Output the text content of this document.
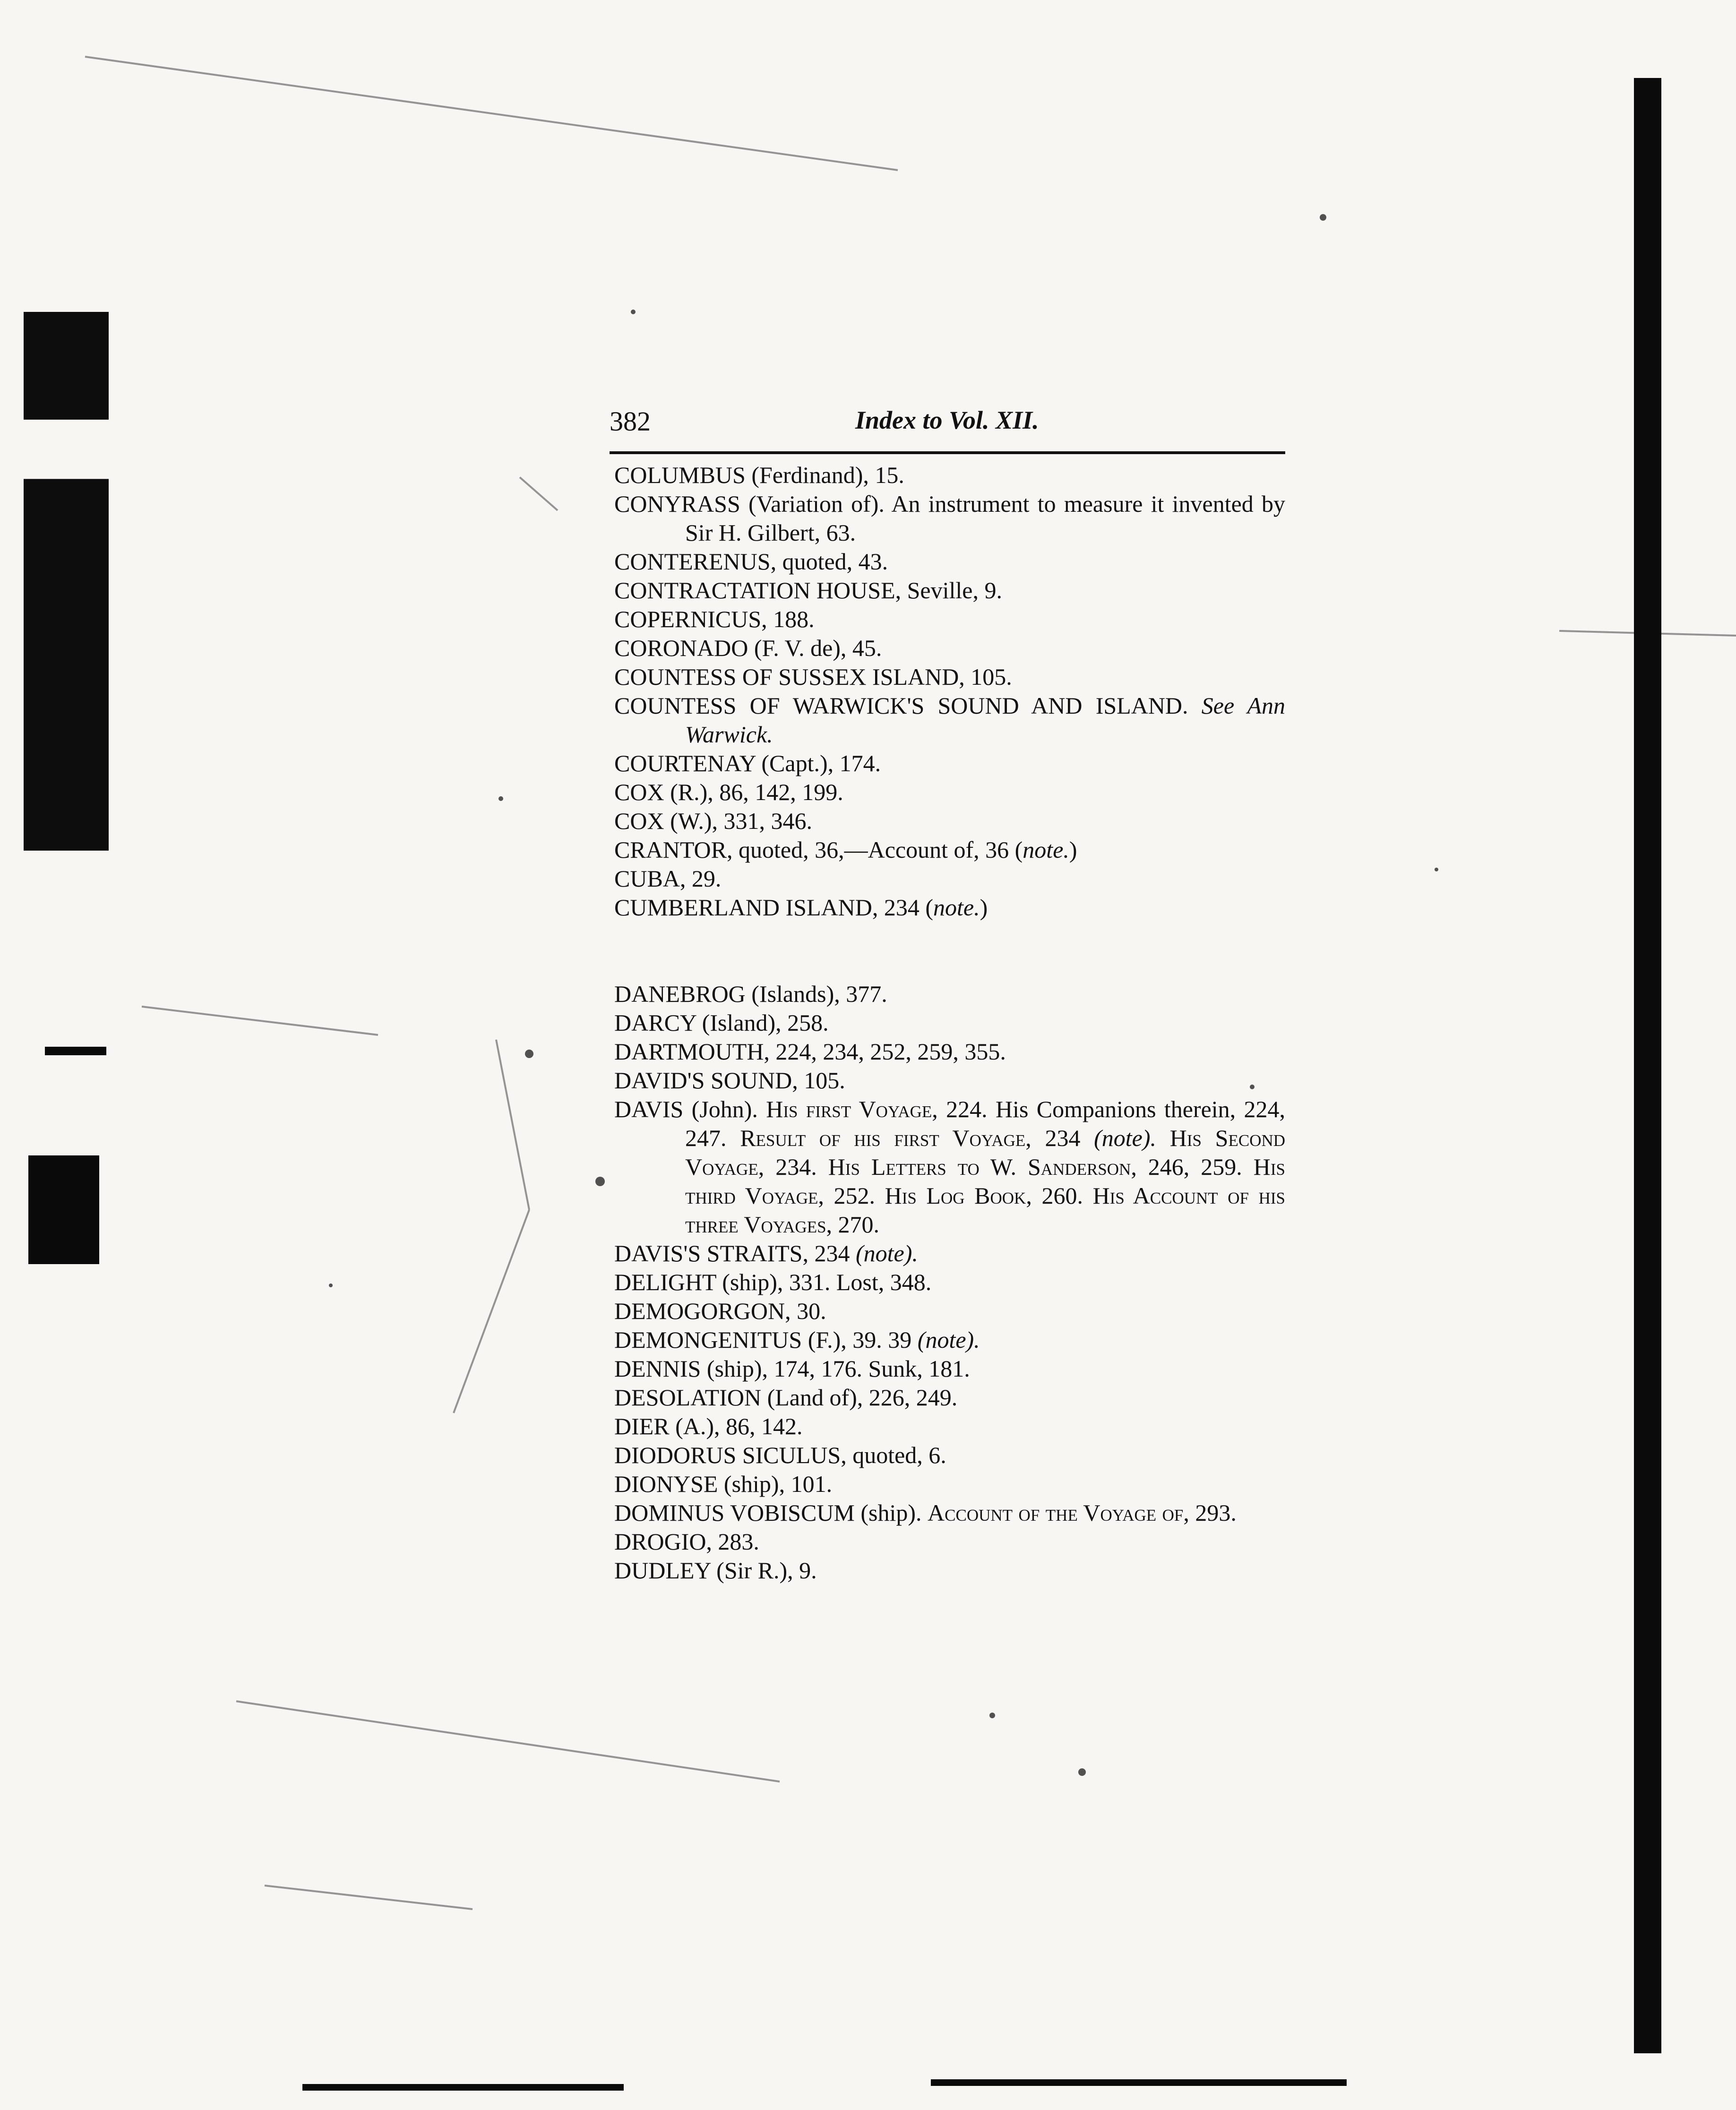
382	Index to Vol. XII.
COLUMBUS (Ferdinand), 15.
CONYRASS (Variation of). An instrument to measure it invented by Sir H. Gilbert, 63.
CONTERENUS, quoted, 43.
CONTRACTATION HOUSE, Seville, 9.
COPERNICUS, 188.
CORONADO (F. V. de), 45.
COUNTESS OF SUSSEX ISLAND, 105.
COUNTESS OF WARWICK'S SOUND AND ISLAND. See Ann Warwick.
COURTENAY (Capt.), 174.
COX (R.), 86, 142, 199.
COX (W.), 331, 346.
CRANTOR, quoted, 36,—Account of, 36 (note.)
CUBA, 29.
CUMBERLAND ISLAND, 234 (note.)
DANEBROG (Islands), 377.
DARCY (Island), 258.
DARTMOUTH, 224, 234, 252, 259, 355.
DAVID'S SOUND, 105.
DAVIS (John). His first Voyage, 224. His Companions therein, 224, 247. Result of his first Voyage, 234 (note). His Second Voyage, 234. His Letters to W. Sanderson, 246, 259. His third Voyage, 252. His Log Book, 260. His Account of his three Voyages, 270.
DAVIS'S STRAITS, 234 (note).
DELIGHT (ship), 331. Lost, 348.
DEMOGORGON, 30.
DEMONGENITUS (F.), 39. 39 (note).
DENNIS (ship), 174, 176. Sunk, 181.
DESOLATION (Land of), 226, 249.
DIER (A.), 86, 142.
DIODORUS SICULUS, quoted, 6.
DIONYSE (ship), 101.
DOMINUS VOBISCUM (ship). Account of the Voyage of, 293.
DROGIO, 283.
DUDLEY (Sir R.), 9.
